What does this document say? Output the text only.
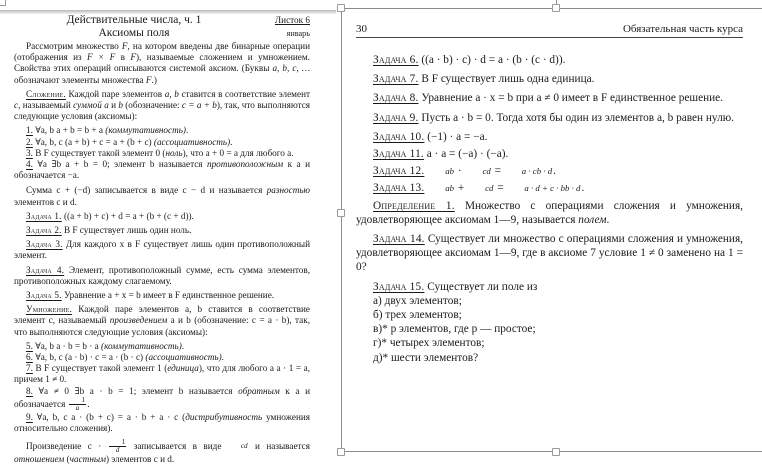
Действительные числа, ч. 1
Аксиомы поля
Листок 6
январь

Рассмотрим множество F, на котором введены две бинарные операции (отображения из F × F в F), называемые сложением и умножением. Свойства этих операций описываются системой аксиом. (Буквы a, b, c, … обозначают элементы множества F.)

Сложение. Каждой паре элементов a, b ставится в соответствие элемент c, называемый суммой a и b (обозначение: c = a + b), так, что выполняются следующие условия (аксиомы):

1. ∀a, b a + b = b + a (коммутативность).

2. ∀a, b, c (a + b) + c = a + (b + c) (ассоциативность).

3. В F существует такой элемент 0 (ноль), что a + 0 = a для любого a.

4. ∀a ∃b a + b = 0; элемент b называется противоположным к a и обозначается −a.

Сумма c + (−d) записывается в виде c − d и называется разностью элементов c и d.

Задача 1. ((a + b) + c) + d = a + (b + (c + d)).

Задача 2. В F существует лишь один ноль.

Задача 3. Для каждого x в F существует лишь один противоположный элемент.

Задача 4. Элемент, противоположный сумме, есть сумма элементов, противоположных каждому слагаемому.

Задача 5. Уравнение a + x = b имеет в F единственное решение.

Умножение. Каждой паре элементов a, b ставится в соответствие элемент c, называемый произведением a и b (обозначение: c = a · b), так, что выполняются следующие условия (аксиомы):

5. ∀a, b a · b = b · a (коммутативность).

6. ∀a, b, c (a · b) · c = a · (b · c) (ассоциативность).

7. В F существует такой элемент 1 (единица), что для любого a a · 1 = a, причем 1 ≠ 0.

8. ∀a ≠ 0 ∃b a · b = 1; элемент b называется обратным к a и обозначается $\frac{1}{a}$.

9. ∀a, b, c a · (b + c) = a · b + a · c (дистрибутивность умножения относительно сложения).

Произведение $c \cdot \frac{1}{d}$ записывается в виде cd и называется отношением (частным) элементов c и d.

30	Обязательная часть курса

Задача 6. ((a · b) · c) · d = a · (b · (c · d)).

Задача 7. В F существует лишь одна единица.

Задача 8. Уравнение a · x = b при a ≠ 0 имеет в F единственное решение.

Задача 9. Пусть a · b = 0. Тогда хотя бы один из элементов a, b равен нулю.

Задача 10. (−1) · a = −a.

Задача 11. a · a = (−a) · (−a).

Задача 12. ab · cd = a · cb · d.

Задача 13. ab + cd = a · d + c · bb · d.

Определение 1. Множество с операциями сложения и умножения, удовлетворяющее аксиомам 1—9, называется полем.

Задача 14. Существует ли множество с операциями сложения и умножения, удовлетворяющее аксиомам 1—9, где в аксиоме 7 условие 1 ≠ 0 заменено на 1 = 0?

Задача 15. Существует ли поле из

а) двух элементов;

б) трех элементов;

в)* p элементов, где p — простое;

г)* четырех элементов;

д)* шести элементов?
